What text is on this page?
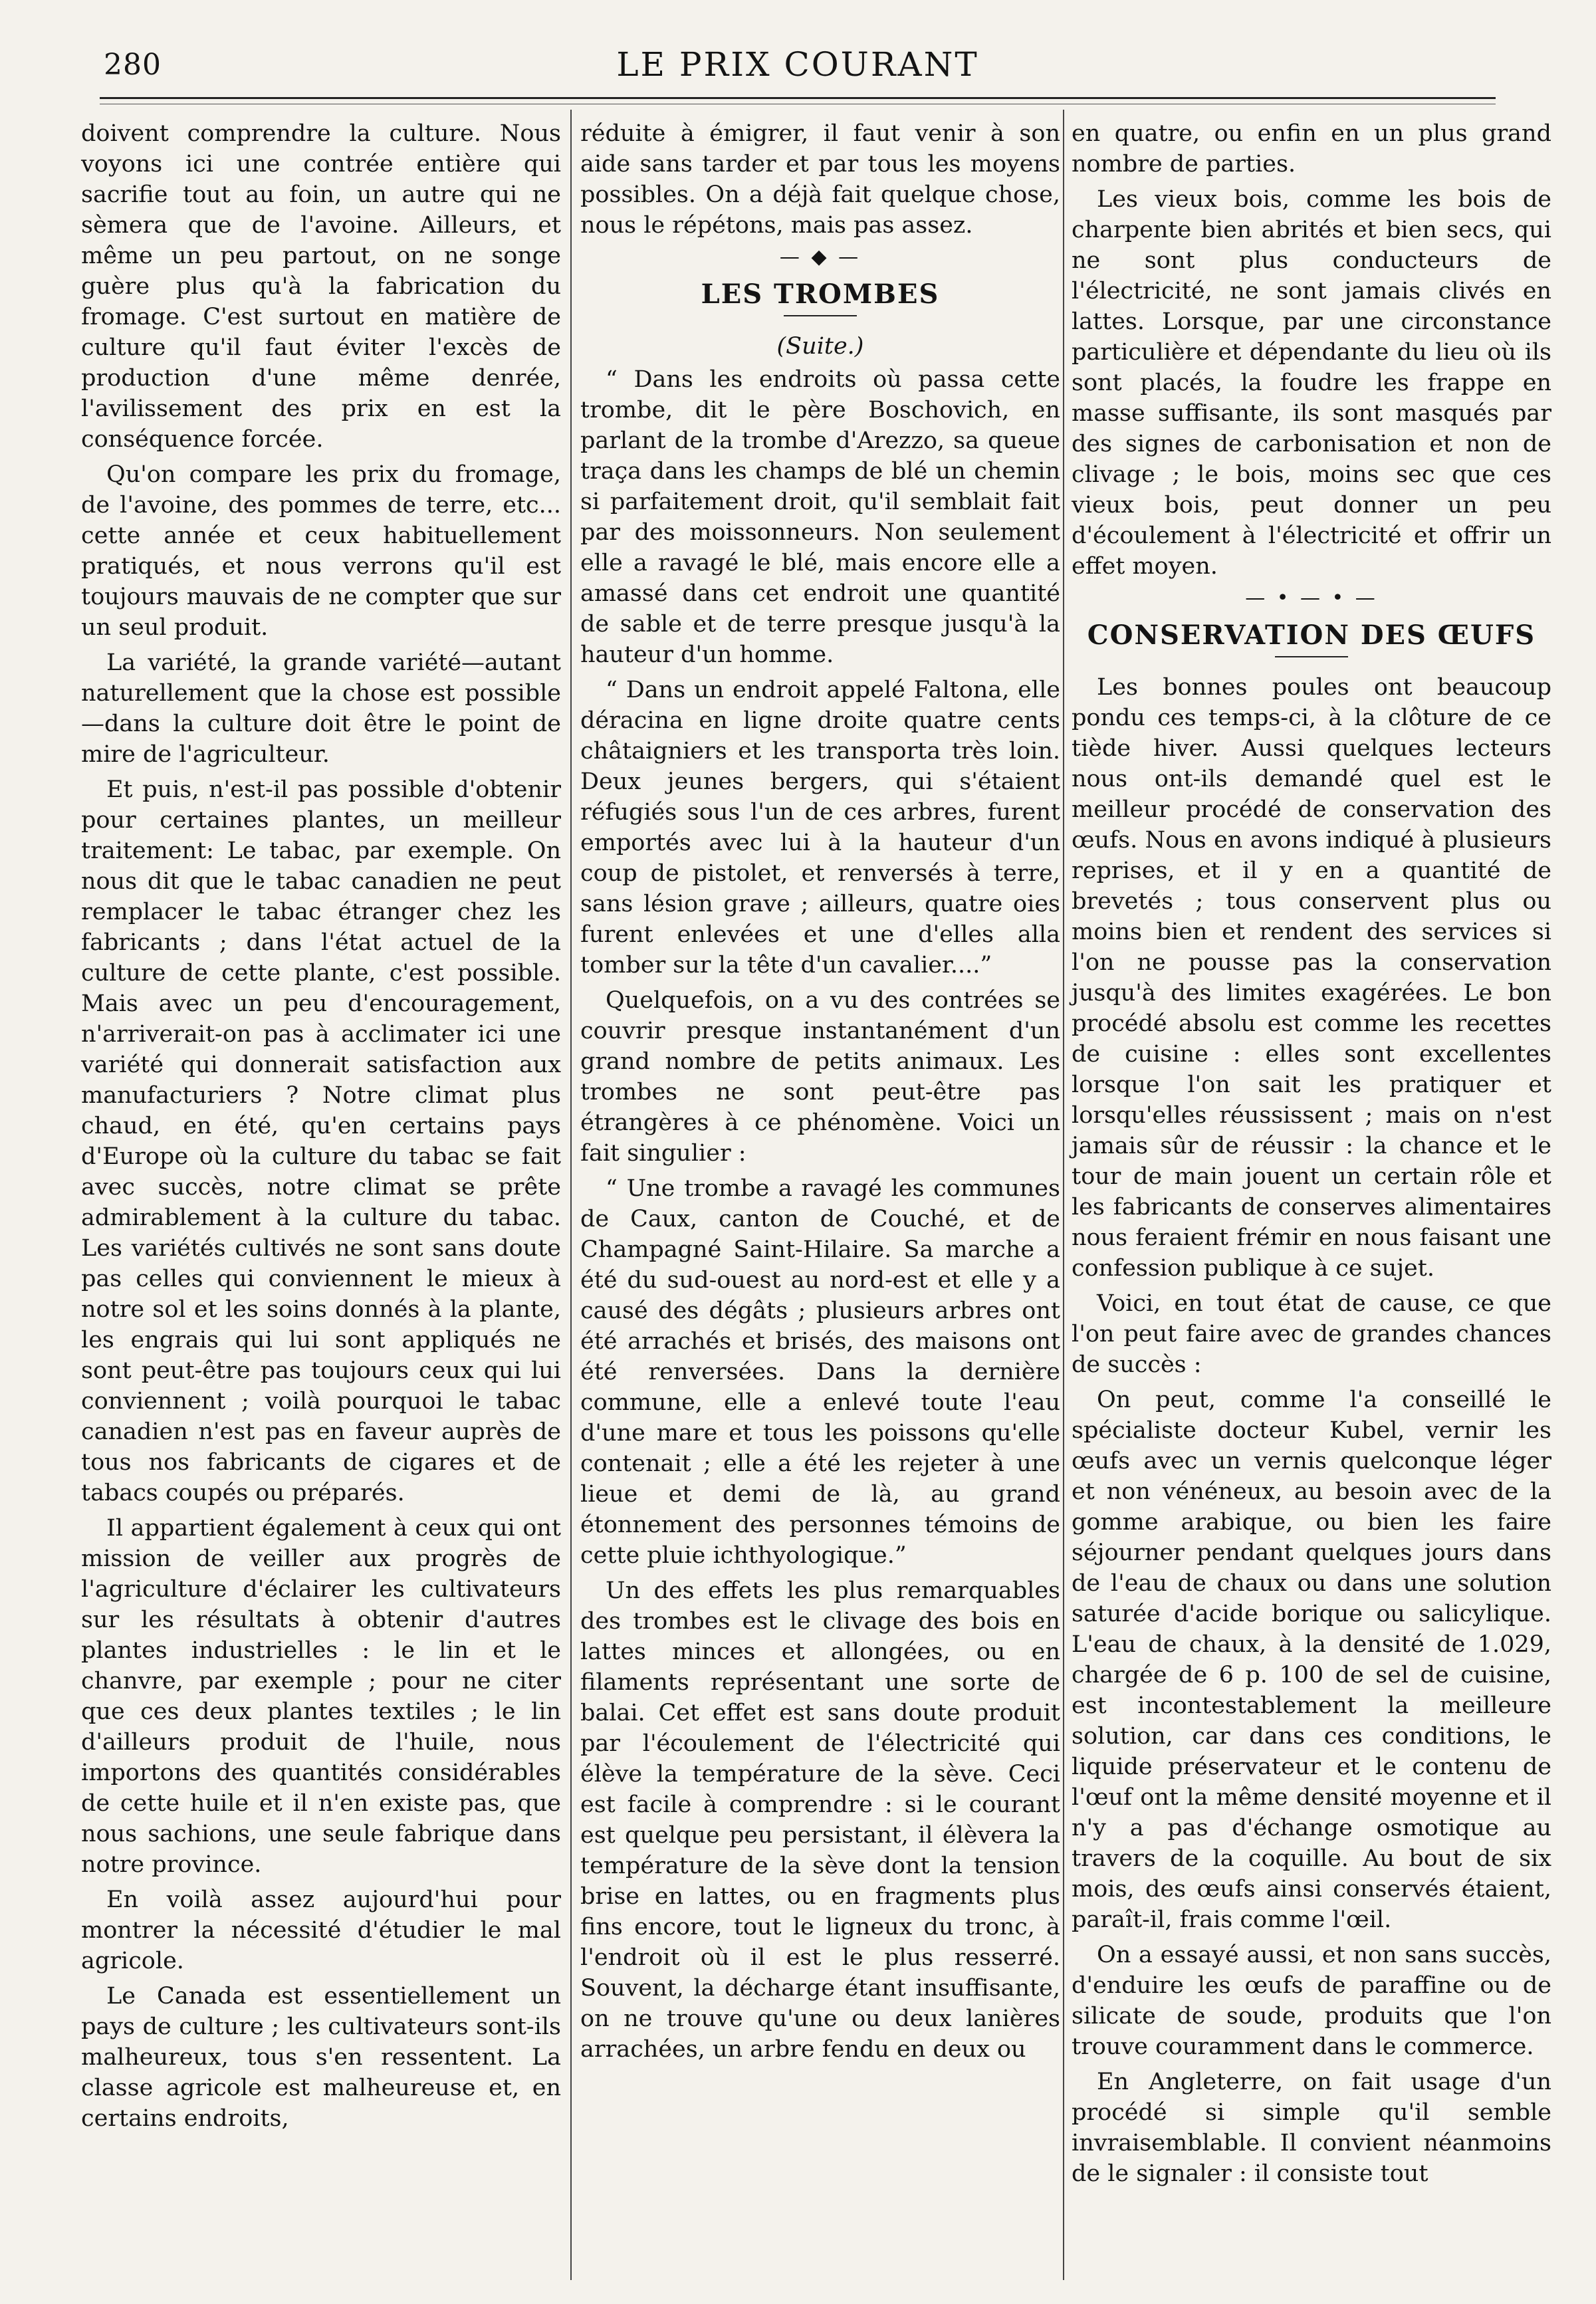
280	LE PRIX COURANT

doivent comprendre la culture. Nous voyons ici une contrée entière qui sacrifie tout au foin, un autre qui ne sèmera que de l'avoine. Ailleurs, et même un peu partout, on ne songe guère plus qu'à la fabrication du fromage. C'est surtout en matière de culture qu'il faut éviter l'excès de production d'une même denrée, l'avilissement des prix en est la conséquence forcée.

Qu'on compare les prix du fromage, de l'avoine, des pommes de terre, etc... cette année et ceux habituellement pratiqués, et nous verrons qu'il est toujours mauvais de ne compter que sur un seul produit.

La variété, la grande variété—autant naturellement que la chose est possible—dans la culture doit être le point de mire de l'agriculteur.

Et puis, n'est-il pas possible d'obtenir pour certaines plantes, un meilleur traitement: Le tabac, par exemple. On nous dit que le tabac canadien ne peut remplacer le tabac étranger chez les fabricants ; dans l'état actuel de la culture de cette plante, c'est possible. Mais avec un peu d'encouragement, n'arriverait-on pas à acclimater ici une variété qui donnerait satisfaction aux manufacturiers ? Notre climat plus chaud, en été, qu'en certains pays d'Europe où la culture du tabac se fait avec succès, notre climat se prête admirablement à la culture du tabac. Les variétés cultivés ne sont sans doute pas celles qui conviennent le mieux à notre sol et les soins donnés à la plante, les engrais qui lui sont appliqués ne sont peut-être pas toujours ceux qui lui conviennent ; voilà pourquoi le tabac canadien n'est pas en faveur auprès de tous nos fabricants de cigares et de tabacs coupés ou préparés.

Il appartient également à ceux qui ont mission de veiller aux progrès de l'agriculture d'éclairer les cultivateurs sur les résultats à obtenir d'autres plantes industrielles : le lin et le chanvre, par exemple ; pour ne citer que ces deux plantes textiles ; le lin d'ailleurs produit de l'huile, nous importons des quantités considérables de cette huile et il n'en existe pas, que nous sachions, une seule fabrique dans notre province.

En voilà assez aujourd'hui pour montrer la nécessité d'étudier le mal agricole.

Le Canada est essentiellement un pays de culture ; les cultivateurs sont-ils malheureux, tous s'en ressentent. La classe agricole est malheureuse et, en certains endroits,

réduite à émigrer, il faut venir à son aide sans tarder et par tous les moyens possibles. On a déjà fait quelque chose, nous le répétons, mais pas assez.

— ◆ —
LES TROMBES
(Suite.)

“ Dans les endroits où passa cette trombe, dit le père Boschovich, en parlant de la trombe d'Arezzo, sa queue traça dans les champs de blé un chemin si parfaitement droit, qu'il semblait fait par des moissonneurs. Non seulement elle a ravagé le blé, mais encore elle a amassé dans cet endroit une quantité de sable et de terre presque jusqu'à la hauteur d'un homme.

“ Dans un endroit appelé Faltona, elle déracina en ligne droite quatre cents châtaigniers et les transporta très loin. Deux jeunes bergers, qui s'étaient réfugiés sous l'un de ces arbres, furent emportés avec lui à la hauteur d'un coup de pistolet, et renversés à terre, sans lésion grave ; ailleurs, quatre oies furent enlevées et une d'elles alla tomber sur la tête d'un cavalier....”

Quelquefois, on a vu des contrées se couvrir presque instantanément d'un grand nombre de petits animaux. Les trombes ne sont peut-être pas étrangères à ce phénomène. Voici un fait singulier :

“ Une trombe a ravagé les communes de Caux, canton de Couché, et de Champagné Saint-Hilaire. Sa marche a été du sud-ouest au nord-est et elle y a causé des dégâts ; plusieurs arbres ont été arrachés et brisés, des maisons ont été renversées. Dans la dernière commune, elle a enlevé toute l'eau d'une mare et tous les poissons qu'elle contenait ; elle a été les rejeter à une lieue et demi de là, au grand étonnement des personnes témoins de cette pluie ichthyologique.”

Un des effets les plus remarquables des trombes est le clivage des bois en lattes minces et allongées, ou en filaments représentant une sorte de balai. Cet effet est sans doute produit par l'écoulement de l'électricité qui élève la température de la sève. Ceci est facile à comprendre : si le courant est quelque peu persistant, il élèvera la température de la sève dont la tension brise en lattes, ou en fragments plus fins encore, tout le ligneux du tronc, à l'endroit où il est le plus resserré. Souvent, la décharge étant insuffisante, on ne trouve qu'une ou deux lanières arrachées, un arbre fendu en deux ou

en quatre, ou enfin en un plus grand nombre de parties.

Les vieux bois, comme les bois de charpente bien abrités et bien secs, qui ne sont plus conducteurs de l'électricité, ne sont jamais clivés en lattes. Lorsque, par une circonstance particulière et dépendante du lieu où ils sont placés, la foudre les frappe en masse suffisante, ils sont masqués par des signes de carbonisation et non de clivage ; le bois, moins sec que ces vieux bois, peut donner un peu d'écoulement à l'électricité et offrir un effet moyen.

— • — • —
CONSERVATION DES ŒUFS

Les bonnes poules ont beaucoup pondu ces temps-ci, à la clôture de ce tiède hiver. Aussi quelques lecteurs nous ont-ils demandé quel est le meilleur procédé de conservation des œufs. Nous en avons indiqué à plusieurs reprises, et il y en a quantité de brevetés ; tous conservent plus ou moins bien et rendent des services si l'on ne pousse pas la conservation jusqu'à des limites exagérées. Le bon procédé absolu est comme les recettes de cuisine : elles sont excellentes lorsque l'on sait les pratiquer et lorsqu'elles réussissent ; mais on n'est jamais sûr de réussir : la chance et le tour de main jouent un certain rôle et les fabricants de conserves alimentaires nous feraient frémir en nous faisant une confession publique à ce sujet.

Voici, en tout état de cause, ce que l'on peut faire avec de grandes chances de succès :

On peut, comme l'a conseillé le spécialiste docteur Kubel, vernir les œufs avec un vernis quelconque léger et non vénéneux, au besoin avec de la gomme arabique, ou bien les faire séjourner pendant quelques jours dans de l'eau de chaux ou dans une solution saturée d'acide borique ou salicylique. L'eau de chaux, à la densité de 1.029, chargée de 6 p. 100 de sel de cuisine, est incontestablement la meilleure solution, car dans ces conditions, le liquide préservateur et le contenu de l'œuf ont la même densité moyenne et il n'y a pas d'échange osmotique au travers de la coquille. Au bout de six mois, des œufs ainsi conservés étaient, paraît-il, frais comme l'œil.

On a essayé aussi, et non sans succès, d'enduire les œufs de paraffine ou de silicate de soude, produits que l'on trouve couramment dans le commerce.

En Angleterre, on fait usage d'un procédé si simple qu'il semble invraisemblable. Il convient néanmoins de le signaler : il consiste tout
